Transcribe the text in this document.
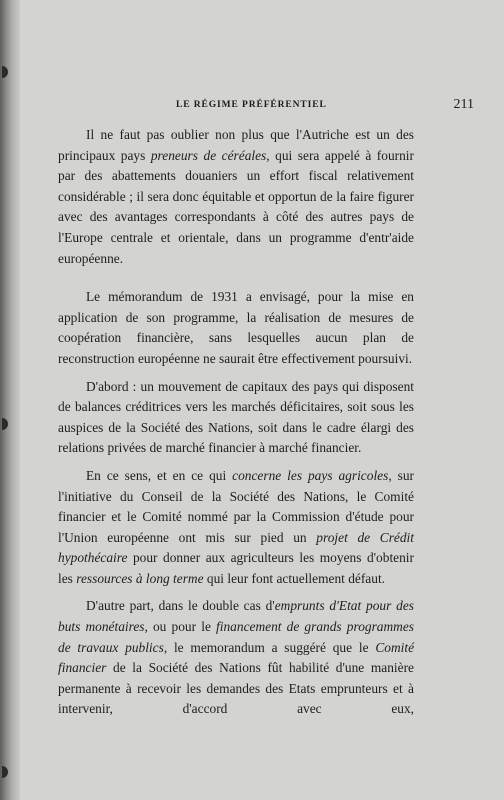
LE RÉGIME PRÉFÉRENTIEL	211

Il ne faut pas oublier non plus que l'Autriche est un des principaux pays preneurs de céréales, qui sera appelé à fournir par des abattements douaniers un effort fiscal relativement considérable ; il sera donc équitable et opportun de la faire figurer avec des avantages correspondants à côté des autres pays de l'Europe centrale et orientale, dans un programme d'entr'aide européenne.

Le mémorandum de 1931 a envisagé, pour la mise en application de son programme, la réalisation de mesures de coopération financière, sans lesquelles aucun plan de reconstruction européenne ne saurait être effectivement poursuivi.

D'abord : un mouvement de capitaux des pays qui disposent de balances créditrices vers les marchés déficitaires, soit sous les auspices de la Société des Nations, soit dans le cadre élargi des relations privées de marché financier à marché financier.

En ce sens, et en ce qui concerne les pays agricoles, sur l'initiative du Conseil de la Société des Nations, le Comité financier et le Comité nommé par la Commission d'étude pour l'Union européenne ont mis sur pied un projet de Crédit hypothécaire pour donner aux agriculteurs les moyens d'obtenir les ressources à long terme qui leur font actuellement défaut.

D'autre part, dans le double cas d'emprunts d'Etat pour des buts monétaires, ou pour le financement de grands programmes de travaux publics, le memorandum a suggéré que le Comité financier de la Société des Nations fût habilité d'une manière permanente à recevoir les demandes des Etats emprunteurs et à intervenir, d'accord avec eux,
